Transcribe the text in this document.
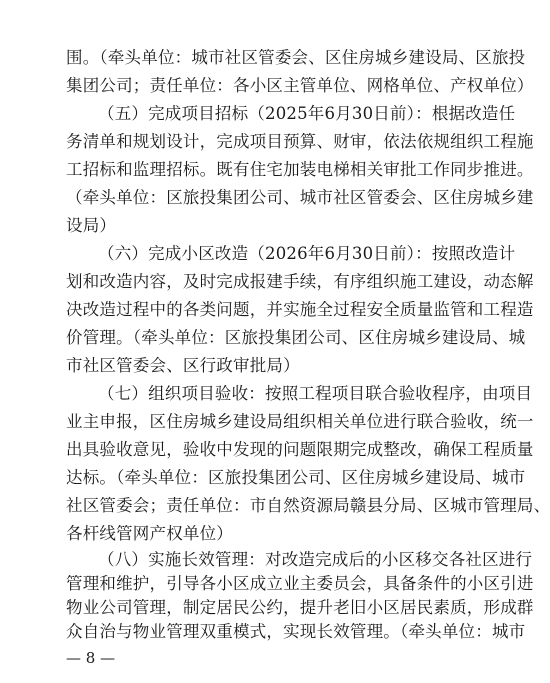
围。（牵头单位：城市社区管委会、区住房城乡建设局、区旅投
集团公司；责任单位：各小区主管单位、网格单位、产权单位）
（五）完成项目招标（2025年6月30日前）：根据改造任
务清单和规划设计，完成项目预算、财审，依法依规组织工程施
工招标和监理招标。既有住宅加装电梯相关审批工作同步推进。
（牵头单位：区旅投集团公司、城市社区管委会、区住房城乡建
设局）
（六）完成小区改造（2026年6月30日前）：按照改造计
划和改造内容，及时完成报建手续，有序组织施工建设，动态解
决改造过程中的各类问题，并实施全过程安全质量监管和工程造
价管理。（牵头单位：区旅投集团公司、区住房城乡建设局、城
市社区管委会、区行政审批局）
（七）组织项目验收：按照工程项目联合验收程序，由项目
业主申报，区住房城乡建设局组织相关单位进行联合验收，统一
出具验收意见，验收中发现的问题限期完成整改，确保工程质量
达标。（牵头单位：区旅投集团公司、区住房城乡建设局、城市
社区管委会；责任单位：市自然资源局赣县分局、区城市管理局、
各杆线管网产权单位）
（八）实施长效管理：对改造完成后的小区移交各社区进行
管理和维护，引导各小区成立业主委员会，具备条件的小区引进
物业公司管理，制定居民公约，提升老旧小区居民素质，形成群
— 8 —
众自治与物业管理双重模式，实现长效管理。（牵头单位：城市
